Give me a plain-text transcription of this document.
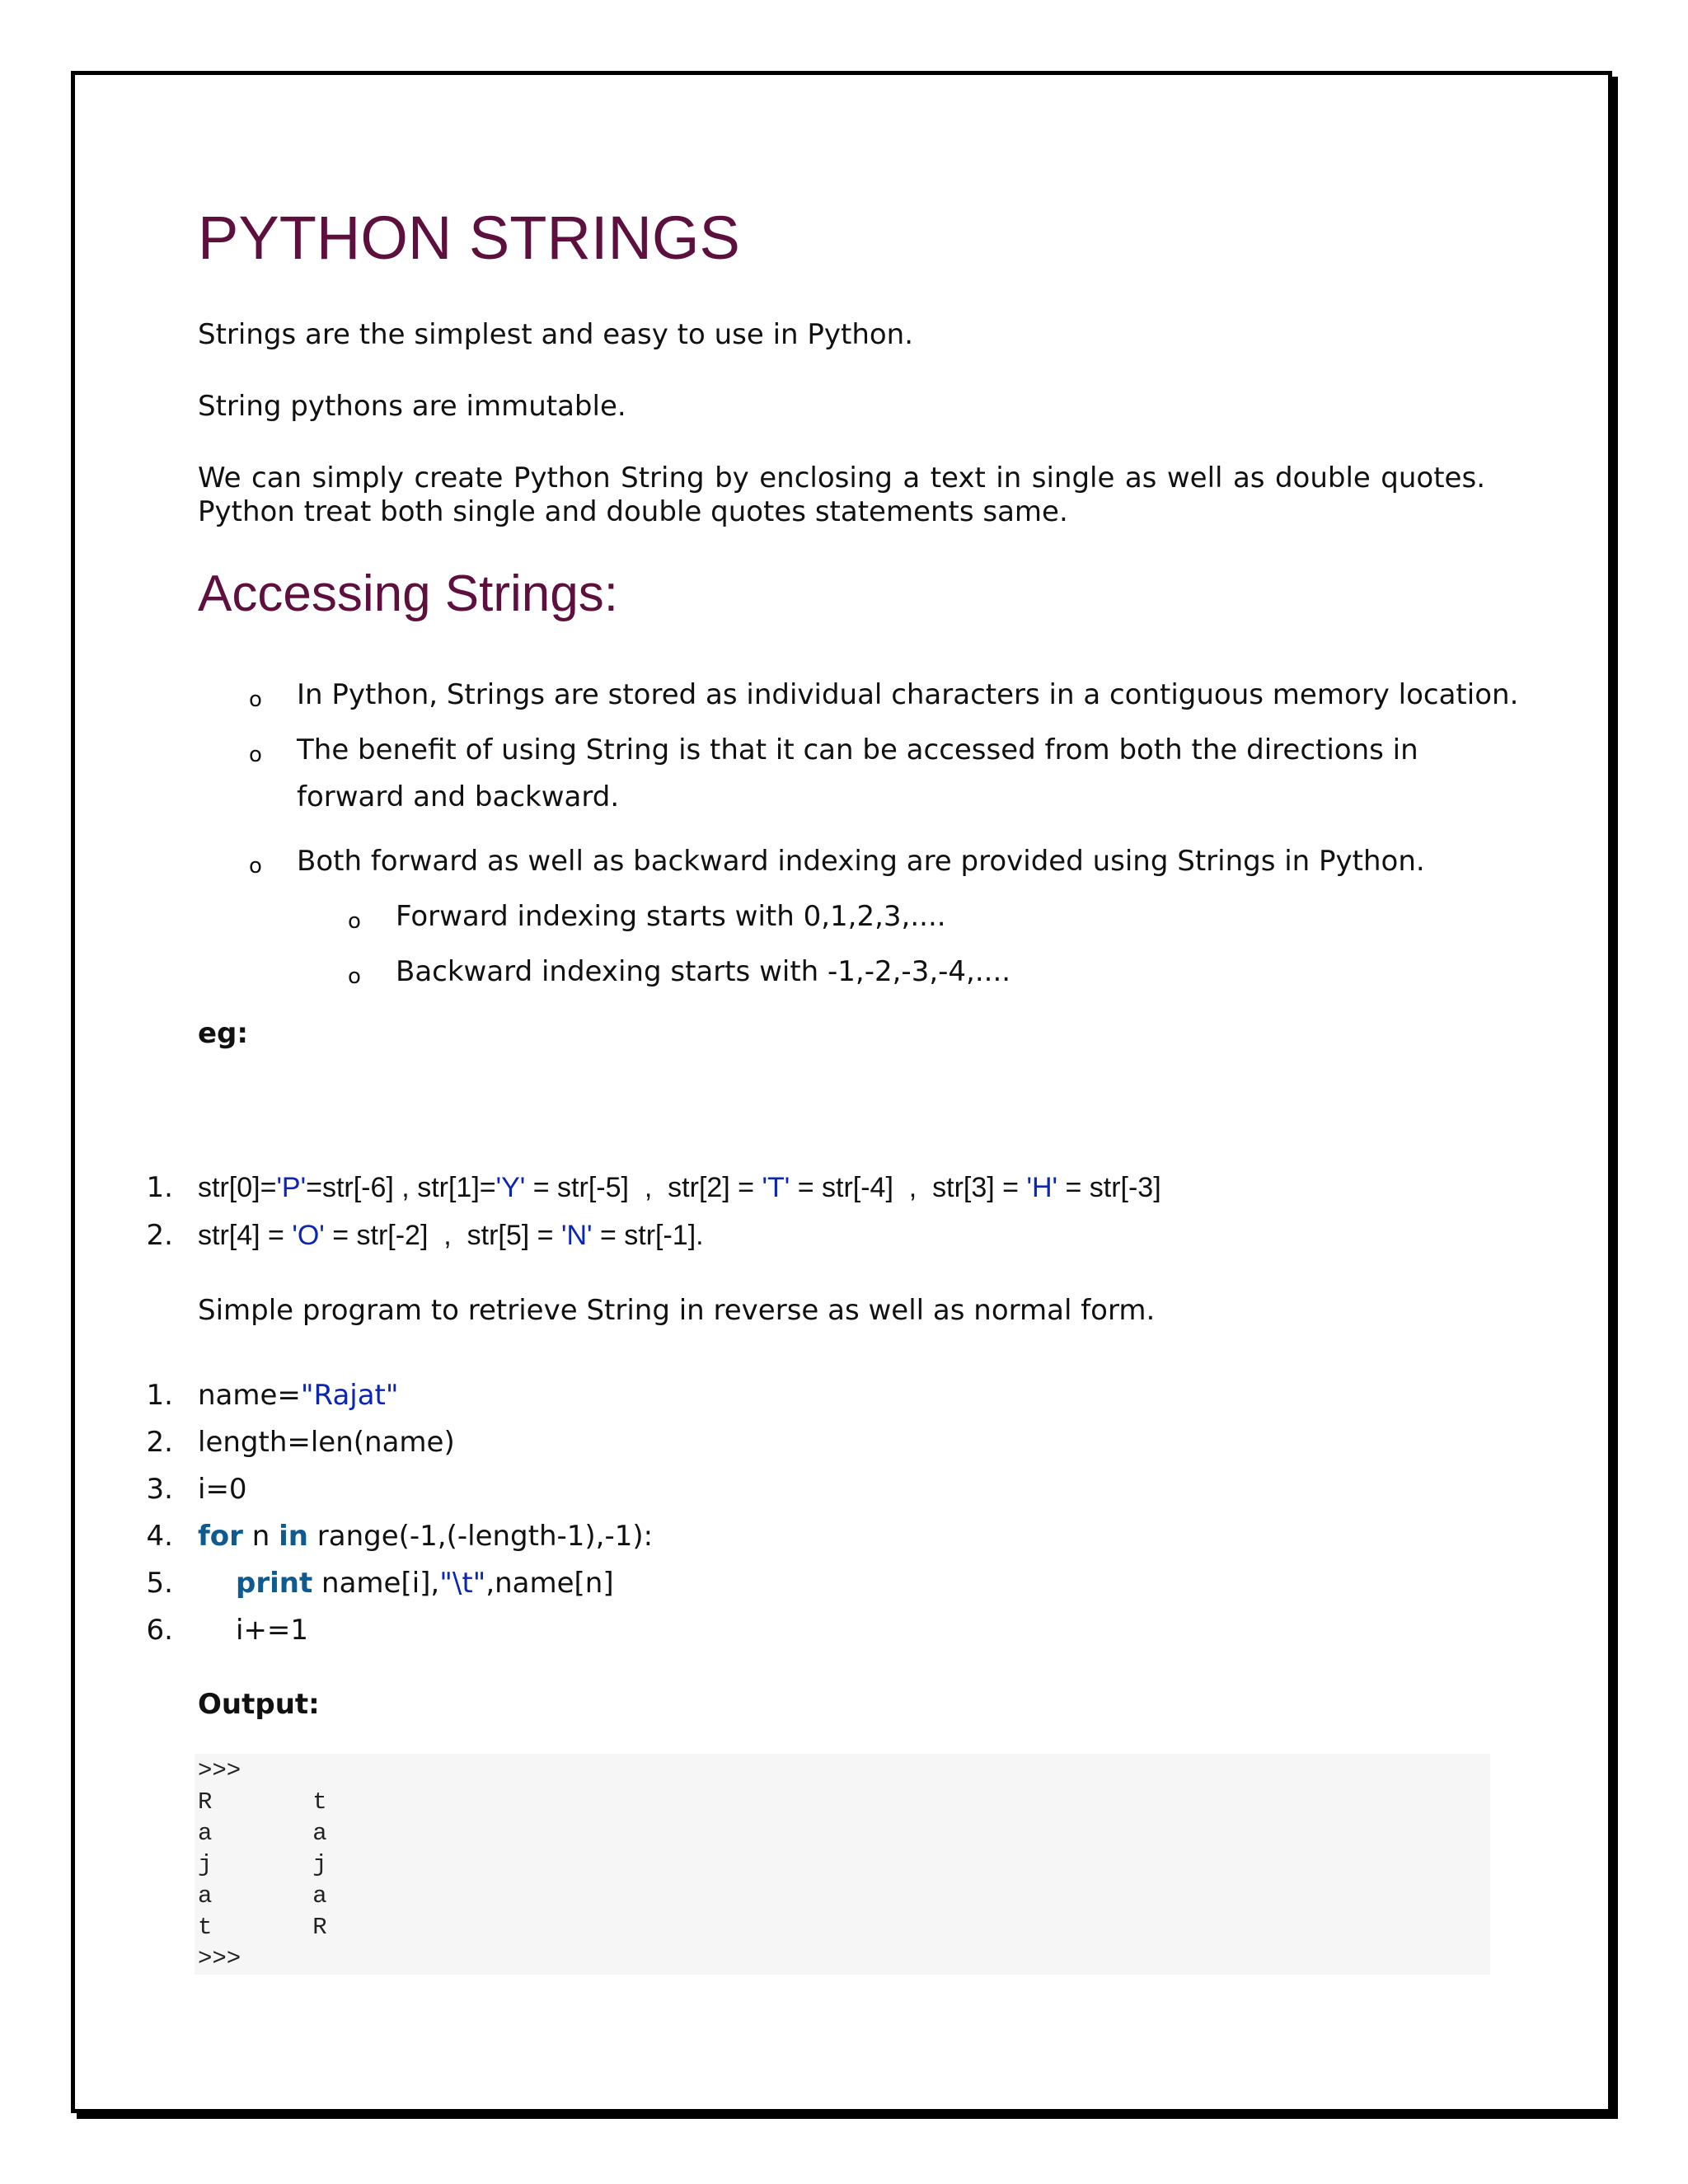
PYTHON STRINGS
Strings are the simplest and easy to use in Python.
String pythons are immutable.
We can simply create Python String by enclosing a text in single as well as double quotes. Python treat both single and double quotes statements same.
Accessing Strings:
o In Python, Strings are stored as individual characters in a contiguous memory location.
o The benefit of using String is that it can be accessed from both the directions in forward and backward.
o Both forward as well as backward indexing are provided using Strings in Python.
o Forward indexing starts with 0,1,2,3,....
o Backward indexing starts with -1,-2,-3,-4,....
eg:
1. str[0]='P'=str[-6] , str[1]='Y' = str[-5]  ,  str[2] = 'T' = str[-4]  ,  str[3] = 'H' = str[-3]
2. str[4] = 'O' = str[-2]  ,  str[5] = 'N' = str[-1].
Simple program to retrieve String in reverse as well as normal form.
1. name="Rajat"
2. length=len(name)
3. i=0
4. for n in range(-1,(-length-1),-1):
5. print name[i],"\t",name[n]
6. i+=1
Output:
>>>
R       t
a       a
j       j
a       a
t       R
>>>
